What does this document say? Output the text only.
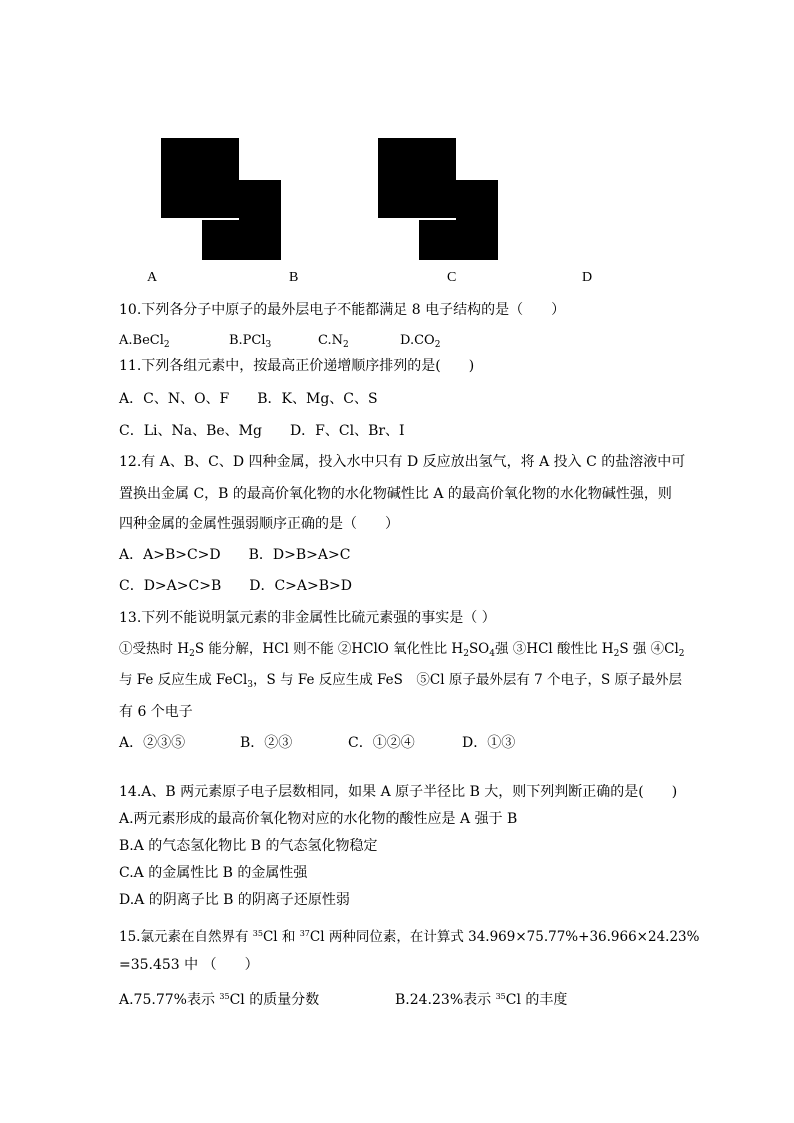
A	B	C	D
10.下列各分子中原子的最外层电子不能都满足 8 电子结构的是（　　）
A.BeCl$_2$	B.PCl$_3$	$C.N_2$	$D.CO_2$
11.下列各组元素中，按最高正价递增顺序排列的是(　　)
A．C、N、O、F　　B．K、Mg、C、S
C．Li、Na、Be、Mg　　D．F、Cl、Br、I
12.有 A、B、C、D 四种金属，投入水中只有 D 反应放出氢气，将 A 投入 C 的盐溶液中可
置换出金属 C，B 的最高价氧化物的水化物碱性比 A 的最高价氧化物的水化物碱性强，则
四种金属的金属性强弱顺序正确的是（　　）
A．A>B>C>D　　B．D>B>A>C
C．D>A>C>B　　D．C>A>B>D
13.下列不能说明氯元素的非金属性比硫元素强的事实是（ ）
①受热时 $H_2S$ 能分解，HCl 则不能 ②HClO 氧化性比 $H_2SO_4$强 ③HCl 酸性比 $H_2S$ 强 $④Cl_2$
与 Fe 反应生成 FeCl$_3$，S 与 Fe 反应生成 FeS　⑤Cl 原子最外层有 7 个电子，S 原子最外层
有 6 个电子
A．②③⑤	B．②③	C．①②④	D．①③
14.A、B 两元素原子电子层数相同，如果 A 原子半径比 B 大，则下列判断正确的是(　　)
A.两元素形成的最高价氧化物对应的水化物的酸性应是 A 强于 B
B.A 的气态氢化物比 B 的气态氢化物稳定
C.A 的金属性比 B 的金属性强
D.A 的阴离子比 B 的阴离子还原性弱
15.氯元素在自然界有 $^{35}$Cl 和 $^{37}$Cl 两种同位素，在计算式 34.969×75.77%+36.966×24.23%
=35.453 中 （　　）
A.75.77%表示 $^{35}$Cl 的质量分数	B.24.23%表示 $^{35}$Cl 的丰度
